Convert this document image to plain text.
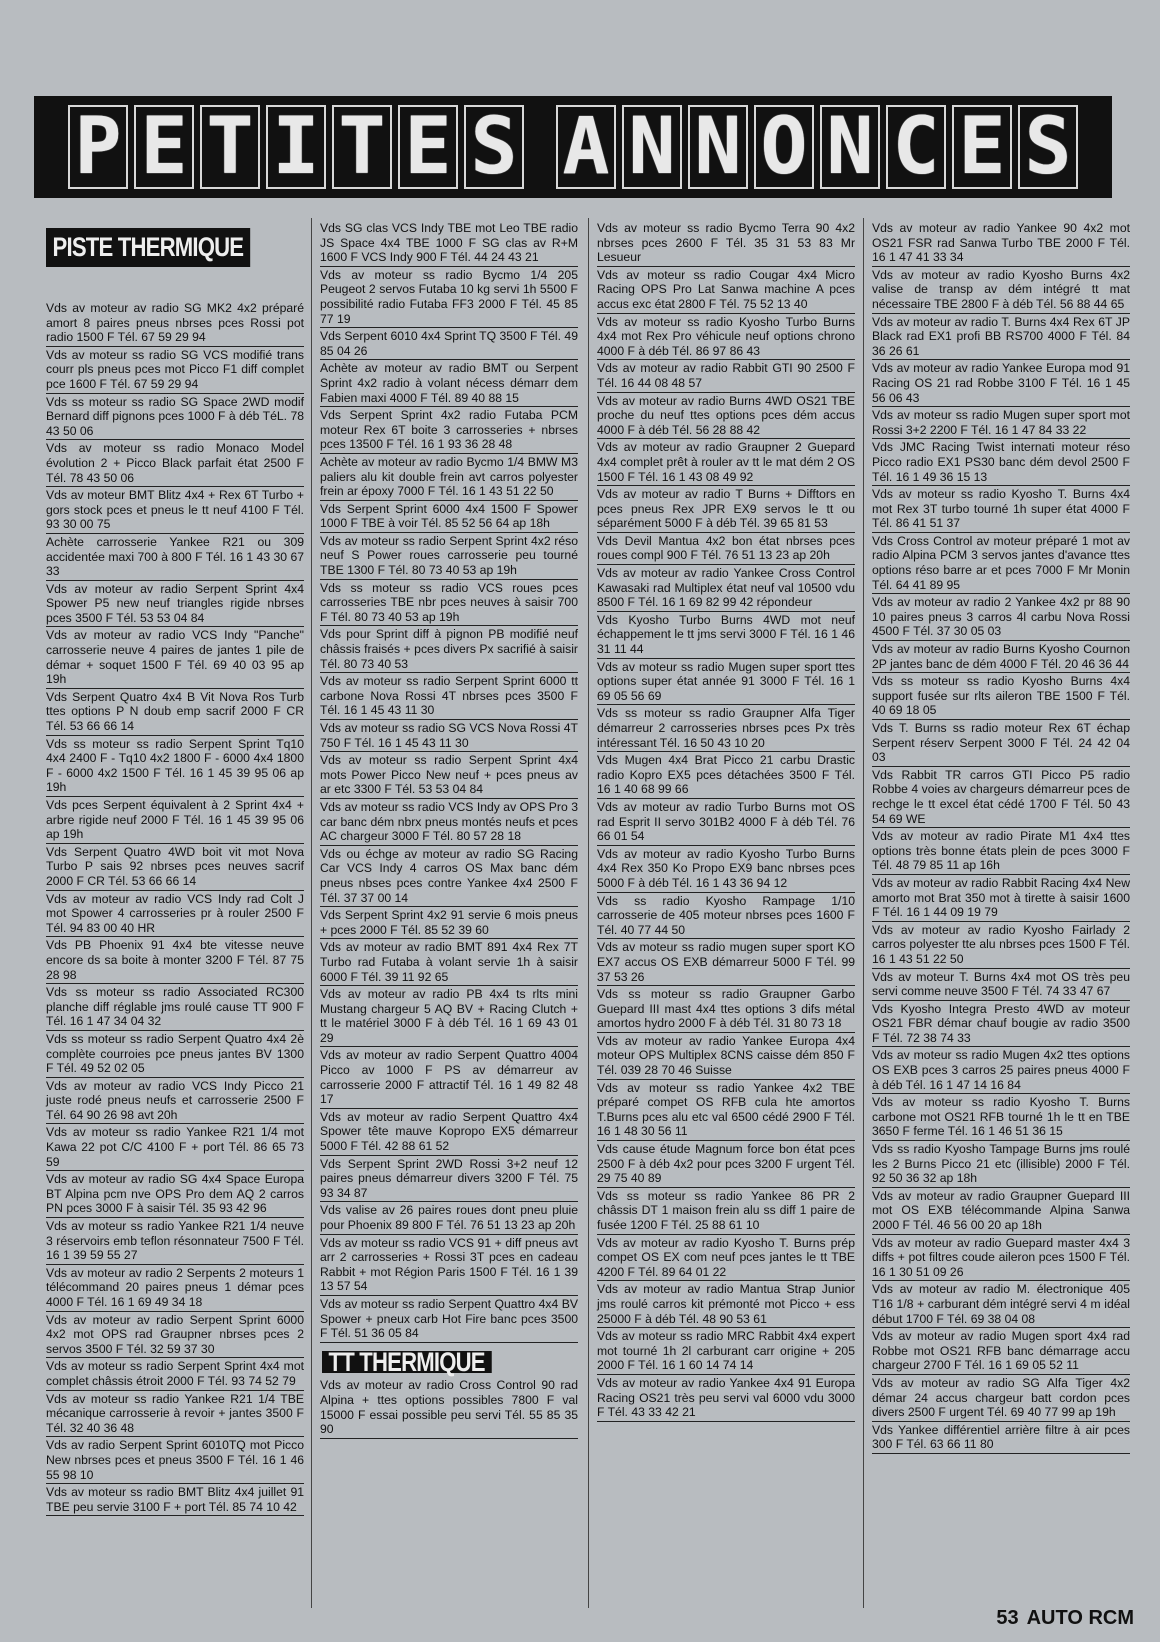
P E T I T E S A N N O N C E S
PISTE THERMIQUE

Vds av moteur av radio SG MK2 4x2 préparé amort 8 paires pneus nbrses pces Rossi pot radio 1500 F Tél. 67 59 29 94

Vds av moteur ss radio SG VCS modifié trans courr pls pneus pces mot Picco F1 diff complet pce 1600 F Tél. 67 59 29 94

Vds ss moteur ss radio SG Space 2WD modif Bernard diff pignons pces 1000 F à déb TéL. 78 43 50 06

Vds av moteur ss radio Monaco Model évolution 2 + Picco Black parfait état 2500 F Tél. 78 43 50 06

Vds av moteur BMT Blitz 4x4 + Rex 6T Turbo + gors stock pces et pneus le tt neuf 4100 F Tél. 93 30 00 75

Achète carrosserie Yankee R21 ou 309 accidentée maxi 700 à 800 F Tél. 16 1 43 30 67 33

Vds av moteur av radio Serpent Sprint 4x4 Spower P5 new neuf triangles rigide nbrses pces 3500 F Tél. 53 53 04 84

Vds av moteur av radio VCS Indy "Panche" carrosserie neuve 4 paires de jantes 1 pile de démar + soquet 1500 F Tél. 69 40 03 95 ap 19h

Vds Serpent Quatro 4x4 B Vit Nova Ros Turb ttes options P N doub emp sacrif 2000 F CR Tél. 53 66 66 14

Vds ss moteur ss radio Serpent Sprint Tq10 4x4 2400 F - Tq10 4x2 1800 F - 6000 4x4 1800 F - 6000 4x2 1500 F Tél. 16 1 45 39 95 06 ap 19h

Vds pces Serpent équivalent à 2 Sprint 4x4 + arbre rigide neuf 2000 F Tél. 16 1 45 39 95 06 ap 19h

Vds Serpent Quatro 4WD boit vit mot Nova Turbo P sais 92 nbrses pces neuves sacrif 2000 F CR Tél. 53 66 66 14

Vds av moteur av radio VCS Indy rad Colt J mot Spower 4 carrosseries pr à rouler 2500 F Tél. 94 83 00 40 HR

Vds PB Phoenix 91 4x4 bte vitesse neuve encore ds sa boite à monter 3200 F Tél. 87 75 28 98

Vds ss moteur ss radio Associated RC300 planche diff réglable jms roulé cause TT 900 F Tél. 16 1 47 34 04 32

Vds ss moteur ss radio Serpent Quatro 4x4 2è complète courroies pce pneus jantes BV 1300 F Tél. 49 52 02 05

Vds av moteur av radio VCS Indy Picco 21 juste rodé pneus neufs et carrosserie 2500 F Tél. 64 90 26 98 avt 20h

Vds av moteur ss radio Yankee R21 1/4 mot Kawa 22 pot C/C 4100 F + port Tél. 86 65 73 59

Vds av moteur av radio SG 4x4 Space Europa BT Alpina pcm nve OPS Pro dem AQ 2 carros PN pces 3000 F à saisir Tél. 35 93 42 96

Vds av moteur ss radio Yankee R21 1/4 neuve 3 réservoirs emb teflon résonnateur 7500 F Tél. 16 1 39 59 55 27

Vds av moteur av radio 2 Serpents 2 moteurs 1 télécommand 20 paires pneus 1 démar pces 4000 F Tél. 16 1 69 49 34 18

Vds av moteur av radio Serpent Sprint 6000 4x2 mot OPS rad Graupner nbrses pces 2 servos 3500 F Tél. 32 59 37 30

Vds av moteur ss radio Serpent Sprint 4x4 mot complet châssis étroit 2000 F Tél. 93 74 52 79

Vds av moteur ss radio Yankee R21 1/4 TBE mécanique carrosserie à revoir + jantes 3500 F Tél. 32 40 36 48

Vds av radio Serpent Sprint 6010TQ mot Picco New nbrses pces et pneus 3500 F Tél. 16 1 46 55 98 10

Vds av moteur ss radio BMT Blitz 4x4 juillet 91 TBE peu servie 3100 F + port Tél. 85 74 10 42

Vds SG clas VCS Indy TBE mot Leo TBE radio JS Space 4x4 TBE 1000 F SG clas av R+M 1600 F VCS Indy 900 F Tél. 44 24 43 21

Vds av moteur ss radio Bycmo 1/4 205 Peugeot 2 servos Futaba 10 kg servi 1h 5500 F possibilité radio Futaba FF3 2000 F Tél. 45 85 77 19

Vds Serpent 6010 4x4 Sprint TQ 3500 F Tél. 49 85 04 26

Achète av moteur av radio BMT ou Serpent Sprint 4x2 radio à volant nécess démarr dem Fabien maxi 4000 F Tél. 89 40 88 15

Vds Serpent Sprint 4x2 radio Futaba PCM moteur Rex 6T boite 3 carrosseries + nbrses pces 13500 F Tél. 16 1 93 36 28 48

Achète av moteur av radio Bycmo 1/4 BMW M3 paliers alu kit double frein avt carros polyester frein ar époxy 7000 F Tél. 16 1 43 51 22 50

Vds Serpent Sprint 6000 4x4 1500 F Spower 1000 F TBE à voir Tél. 85 52 56 64 ap 18h

Vds av moteur ss radio Serpent Sprint 4x2 réso neuf S Power roues carrosserie peu tourné TBE 1300 F Tél. 80 73 40 53 ap 19h

Vds ss moteur ss radio VCS roues pces carrosseries TBE nbr pces neuves à saisir 700 F Tél. 80 73 40 53 ap 19h

Vds pour Sprint diff à pignon PB modifié neuf châssis fraisés + pces divers Px sacrifié à saisir Tél. 80 73 40 53

Vds av moteur ss radio Serpent Sprint 6000 tt carbone Nova Rossi 4T nbrses pces 3500 F Tél. 16 1 45 43 11 30

Vds av moteur ss radio SG VCS Nova Rossi 4T 750 F Tél. 16 1 45 43 11 30

Vds av moteur ss radio Serpent Sprint 4x4 mots Power Picco New neuf + pces pneus av ar etc 3300 F Tél. 53 53 04 84

Vds av moteur ss radio VCS Indy av OPS Pro 3 car banc dém nbrx pneus montés neufs et pces AC chargeur 3000 F Tél. 80 57 28 18

Vds ou échge av moteur av radio SG Racing Car VCS Indy 4 carros OS Max banc dém pneus nbses pces contre Yankee 4x4 2500 F Tél. 37 37 00 14

Vds Serpent Sprint 4x2 91 servie 6 mois pneus + pces 2000 F Tél. 85 52 39 60

Vds av moteur av radio BMT 891 4x4 Rex 7T Turbo rad Futaba à volant servie 1h à saisir 6000 F Tél. 39 11 92 65

Vds av moteur av radio PB 4x4 ts rlts mini Mustang chargeur 5 AQ BV + Racing Clutch + tt le matériel 3000 F à déb Tél. 16 1 69 43 01 29

Vds av moteur av radio Serpent Quattro 4004 Picco av 1000 F PS av démarreur av carrosserie 2000 F attractif Tél. 16 1 49 82 48 17

Vds av moteur av radio Serpent Quattro 4x4 Spower tête mauve Kopropo EX5 démarreur 5000 F Tél. 42 88 61 52

Vds Serpent Sprint 2WD Rossi 3+2 neuf 12 paires pneus démarreur divers 3200 F Tél. 75 93 34 87

Vds valise av 26 paires roues dont pneu pluie pour Phoenix 89 800 F Tél. 76 51 13 23 ap 20h

Vds av moteur ss radio VCS 91 + diff pneus avt arr 2 carrosseries + Rossi 3T pces en cadeau Rabbit + mot Région Paris 1500 F Tél. 16 1 39 13 57 54

Vds av moteur ss radio Serpent Quattro 4x4 BV Spower + pneux carb Hot Fire banc pces 3500 F Tél. 51 36 05 84

TT THERMIQUE

Vds av moteur av radio Cross Control 90 rad Alpina + ttes options possibles 7800 F val 15000 F essai possible peu servi Tél. 55 85 35 90

Vds av moteur ss radio Bycmo Terra 90 4x2 nbrses pces 2600 F Tél. 35 31 53 83 Mr Lesueur

Vds av moteur ss radio Cougar 4x4 Micro Racing OPS Pro Lat Sanwa machine A pces accus exc état 2800 F Tél. 75 52 13 40

Vds av moteur ss radio Kyosho Turbo Burns 4x4 mot Rex Pro véhicule neuf options chrono 4000 F à déb Tél. 86 97 86 43

Vds av moteur av radio Rabbit GTI 90 2500 F Tél. 16 44 08 48 57

Vds av moteur av radio Burns 4WD OS21 TBE proche du neuf ttes options pces dém accus 4000 F à déb Tél. 56 28 88 42

Vds av moteur av radio Graupner 2 Guepard 4x4 complet prêt à rouler av tt le mat dém 2 OS 1500 F Tél. 16 1 43 08 49 92

Vds av moteur av radio T Burns + Difftors en pces pneus Rex JPR EX9 servos le tt ou séparément 5000 F à déb Tél. 39 65 81 53

Vds Devil Mantua 4x2 bon état nbrses pces roues compl 900 F Tél. 76 51 13 23 ap 20h

Vds av moteur av radio Yankee Cross Control Kawasaki rad Multiplex état neuf val 10500 vdu 8500 F Tél. 16 1 69 82 99 42 répondeur

Vds Kyosho Turbo Burns 4WD mot neuf échappement le tt jms servi 3000 F Tél. 16 1 46 31 11 44

Vds av moteur ss radio Mugen super sport ttes options super état année 91 3000 F Tél. 16 1 69 05 56 69

Vds ss moteur ss radio Graupner Alfa Tiger démarreur 2 carrosseries nbrses pces Px très intéressant Tél. 16 50 43 10 20

Vds Mugen 4x4 Brat Picco 21 carbu Drastic radio Kopro EX5 pces détachées 3500 F Tél. 16 1 40 68 99 66

Vds av moteur av radio Turbo Burns mot OS rad Esprit II servo 301B2 4000 F à déb Tél. 76 66 01 54

Vds av moteur av radio Kyosho Turbo Burns 4x4 Rex 350 Ko Propo EX9 banc nbrses pces 5000 F à déb Tél. 16 1 43 36 94 12

Vds ss radio Kyosho Rampage 1/10 carrosserie de 405 moteur nbrses pces 1600 F Tél. 40 77 44 50

Vds av moteur ss radio mugen super sport KO EX7 accus OS EXB démarreur 5000 F Tél. 99 37 53 26

Vds ss moteur ss radio Graupner Garbo Guepard III mast 4x4 ttes options 3 difs métal amortos hydro 2000 F à déb Tél. 31 80 73 18

Vds av moteur av radio Yankee Europa 4x4 moteur OPS Multiplex 8CNS caisse dém 850 F Tél. 039 28 70 46 Suisse

Vds av moteur ss radio Yankee 4x2 TBE préparé compet OS RFB cula hte amortos T.Burns pces alu etc val 6500 cédé 2900 F Tél. 16 1 48 30 56 11

Vds cause étude Magnum force bon état pces 2500 F à déb 4x2 pour pces 3200 F urgent Tél. 29 75 40 89

Vds ss moteur ss radio Yankee 86 PR 2 châssis DT 1 maison frein alu ss diff 1 paire de fusée 1200 F Tél. 25 88 61 10

Vds av moteur av radio Kyosho T. Burns prép compet OS EX com neuf pces jantes le tt TBE 4200 F Tél. 89 64 01 22

Vds av moteur av radio Mantua Strap Junior jms roulé carros kit prémonté mot Picco + ess 25000 F à déb Tél. 48 90 53 61

Vds av moteur ss radio MRC Rabbit 4x4 expert mot tourné 1h 2l carburant carr origine + 205 2000 F Tél. 16 1 60 14 74 14

Vds av moteur av radio Yankee 4x4 91 Europa Racing OS21 très peu servi val 6000 vdu 3000 F Tél. 43 33 42 21

Vds av moteur av radio Yankee 90 4x2 mot OS21 FSR rad Sanwa Turbo TBE 2000 F Tél. 16 1 47 41 33 34

Vds av moteur av radio Kyosho Burns 4x2 valise de transp av dém intégré tt mat nécessaire TBE 2800 F à déb Tél. 56 88 44 65

Vds av moteur av radio T. Burns 4x4 Rex 6T JP Black rad EX1 profi BB RS700 4000 F Tél. 84 36 26 61

Vds av moteur av radio Yankee Europa mod 91 Racing OS 21 rad Robbe 3100 F Tél. 16 1 45 56 06 43

Vds av moteur ss radio Mugen super sport mot Rossi 3+2 2200 F Tél. 16 1 47 84 33 22

Vds JMC Racing Twist internati moteur réso Picco radio EX1 PS30 banc dém devol 2500 F Tél. 16 1 49 36 15 13

Vds av moteur ss radio Kyosho T. Burns 4x4 mot Rex 3T turbo tourné 1h super état 4000 F Tél. 86 41 51 37

Vds Cross Control av moteur préparé 1 mot av radio Alpina PCM 3 servos jantes d'avance ttes options réso barre ar et pces 7000 F Mr Monin Tél. 64 41 89 95

Vds av moteur av radio 2 Yankee 4x2 pr 88 90 10 paires pneus 3 carros 4l carbu Nova Rossi 4500 F Tél. 37 30 05 03

Vds av moteur av radio Burns Kyosho Cournon 2P jantes banc de dém 4000 F Tél. 20 46 36 44

Vds ss moteur ss radio Kyosho Burns 4x4 support fusée sur rlts aileron TBE 1500 F Tél. 40 69 18 05

Vds T. Burns ss radio moteur Rex 6T échap Serpent réserv Serpent 3000 F Tél. 24 42 04 03

Vds Rabbit TR carros GTI Picco P5 radio Robbe 4 voies av chargeurs démarreur pces de rechge le tt excel état cédé 1700 F Tél. 50 43 54 69 WE

Vds av moteur av radio Pirate M1 4x4 ttes options très bonne états plein de pces 3000 F Tél. 48 79 85 11 ap 16h

Vds av moteur av radio Rabbit Racing 4x4 New amorto mot Brat 350 mot à tirette à saisir 1600 F Tél. 16 1 44 09 19 79

Vds av moteur av radio Kyosho Fairlady 2 carros polyester tte alu nbrses pces 1500 F Tél. 16 1 43 51 22 50

Vds av moteur T. Burns 4x4 mot OS très peu servi comme neuve 3500 F Tél. 74 33 47 67

Vds Kyosho Integra Presto 4WD av moteur OS21 FBR démar chauf bougie av radio 3500 F Tél. 72 38 74 33

Vds av moteur ss radio Mugen 4x2 ttes options OS EXB pces 3 carros 25 paires pneus 4000 F à déb Tél. 16 1 47 14 16 84

Vds av moteur ss radio Kyosho T. Burns carbone mot OS21 RFB tourné 1h le tt en TBE 3650 F ferme Tél. 16 1 46 51 36 15

Vds ss radio Kyosho Tampage Burns jms roulé les 2 Burns Picco 21 etc (illisible) 2000 F Tél. 92 50 36 32 ap 18h

Vds av moteur av radio Graupner Guepard III mot OS EXB télécommande Alpina Sanwa 2000 F Tél. 46 56 00 20 ap 18h

Vds av moteur av radio Guepard master 4x4 3 diffs + pot filtres coude aileron pces 1500 F Tél. 16 1 30 51 09 26

Vds av moteur av radio M. électronique 405 T16 1/8 + carburant dém intégré servi 4 m idéal début 1700 F Tél. 69 38 04 08

Vds av moteur av radio Mugen sport 4x4 rad Robbe mot OS21 RFB banc démarrage accu chargeur 2700 F Tél. 16 1 69 05 52 11

Vds av moteur av radio SG Alfa Tiger 4x2 démar 24 accus chargeur batt cordon pces divers 2500 F urgent Tél. 69 40 77 99 ap 19h

Vds Yankee différentiel arrière filtre à air pces 300 F Tél. 63 66 11 80

53 AUTO RCM
